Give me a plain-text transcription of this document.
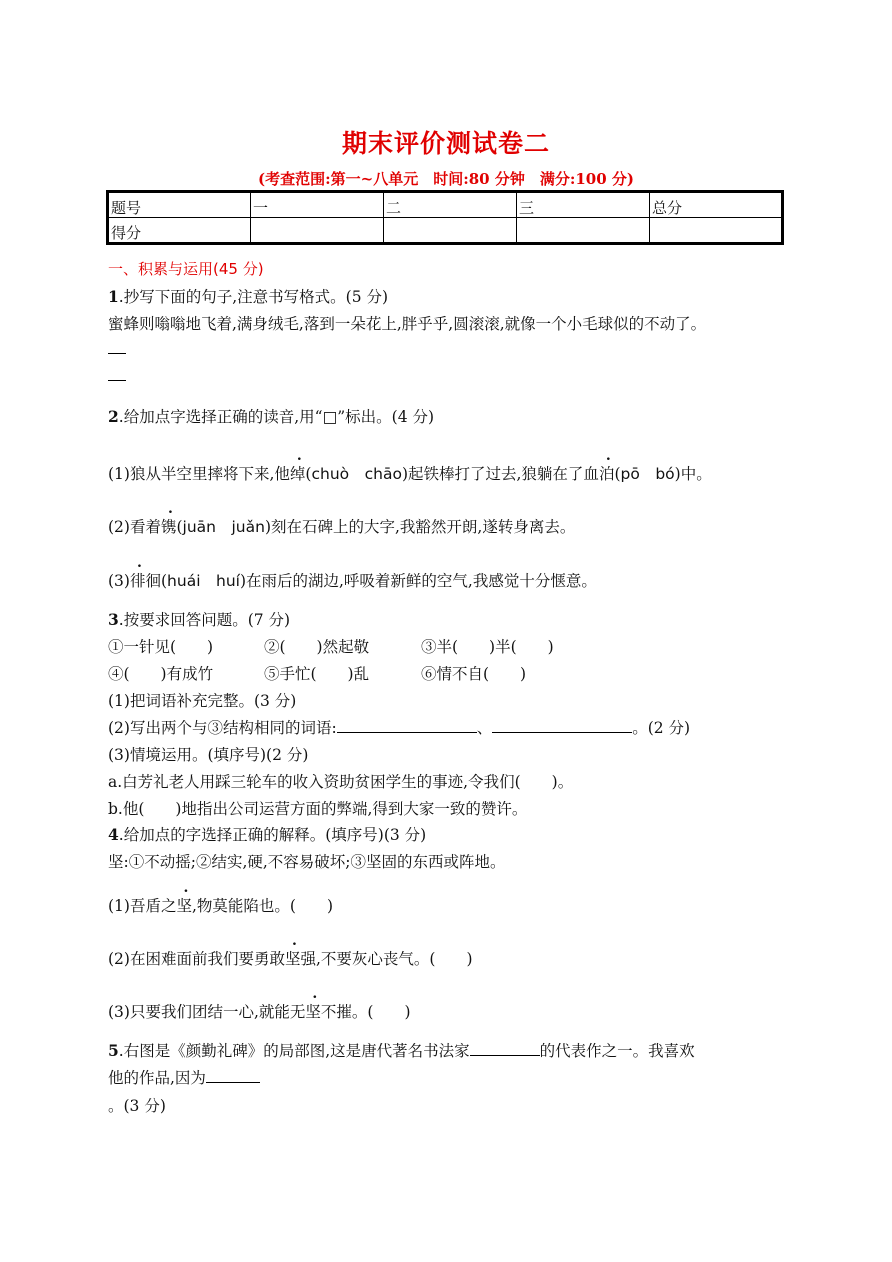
期末评价测试卷二
(考查范围:第一~八单元　时间:80 分钟　满分:100 分)
题号	一	二	三	总分
得分				
一、积累与运用(45 分)
1.抄写下面的句子,注意书写格式。(5 分)
蜜蜂则嗡嗡地飞着,满身绒毛,落到一朵花上,胖乎乎,圆滚滚,就像一个小毛球似的不动了。
2.给加点字选择正确的读音,用“□”标出。(4 分)
(1)狼从半空里摔将下来,他绰(chuò　chāo)起铁棒打了过去,狼躺在了血泊(pō　bó)中。
(2)看着镌(juān　juǎn)刻在石碑上的大字,我豁然开朗,遂转身离去。
(3)徘徊(huái　huí)在雨后的湖边,呼吸着新鲜的空气,我感觉十分惬意。
3.按要求回答问题。(7 分)
①一针见(　　)	②(　　)然起敬	③半(　　)半(　　)
④(　　)有成竹	⑤手忙(　　)乱	⑥情不自(　　)
(1)把词语补充完整。(3 分)
(2)写出两个与③结构相同的词语:	、	。(2 分)
(3)情境运用。(填序号)(2 分)
a.白芳礼老人用踩三轮车的收入资助贫困学生的事迹,令我们(　　)。
b.他(　　)地指出公司运营方面的弊端,得到大家一致的赞许。
4.给加点的字选择正确的解释。(填序号)(3 分)
坚:①不动摇;②结实,硬,不容易破坏;③坚固的东西或阵地。
(1)吾盾之坚,物莫能陷也。(　　)
(2)在困难面前我们要勇敢坚强,不要灰心丧气。(　　)
(3)只要我们团结一心,就能无坚不摧。(　　)
5.右图是《颜勤礼碑》的局部图,这是唐代著名书法家	的代表作之一。我喜欢
他的作品,因为
。(3 分)
